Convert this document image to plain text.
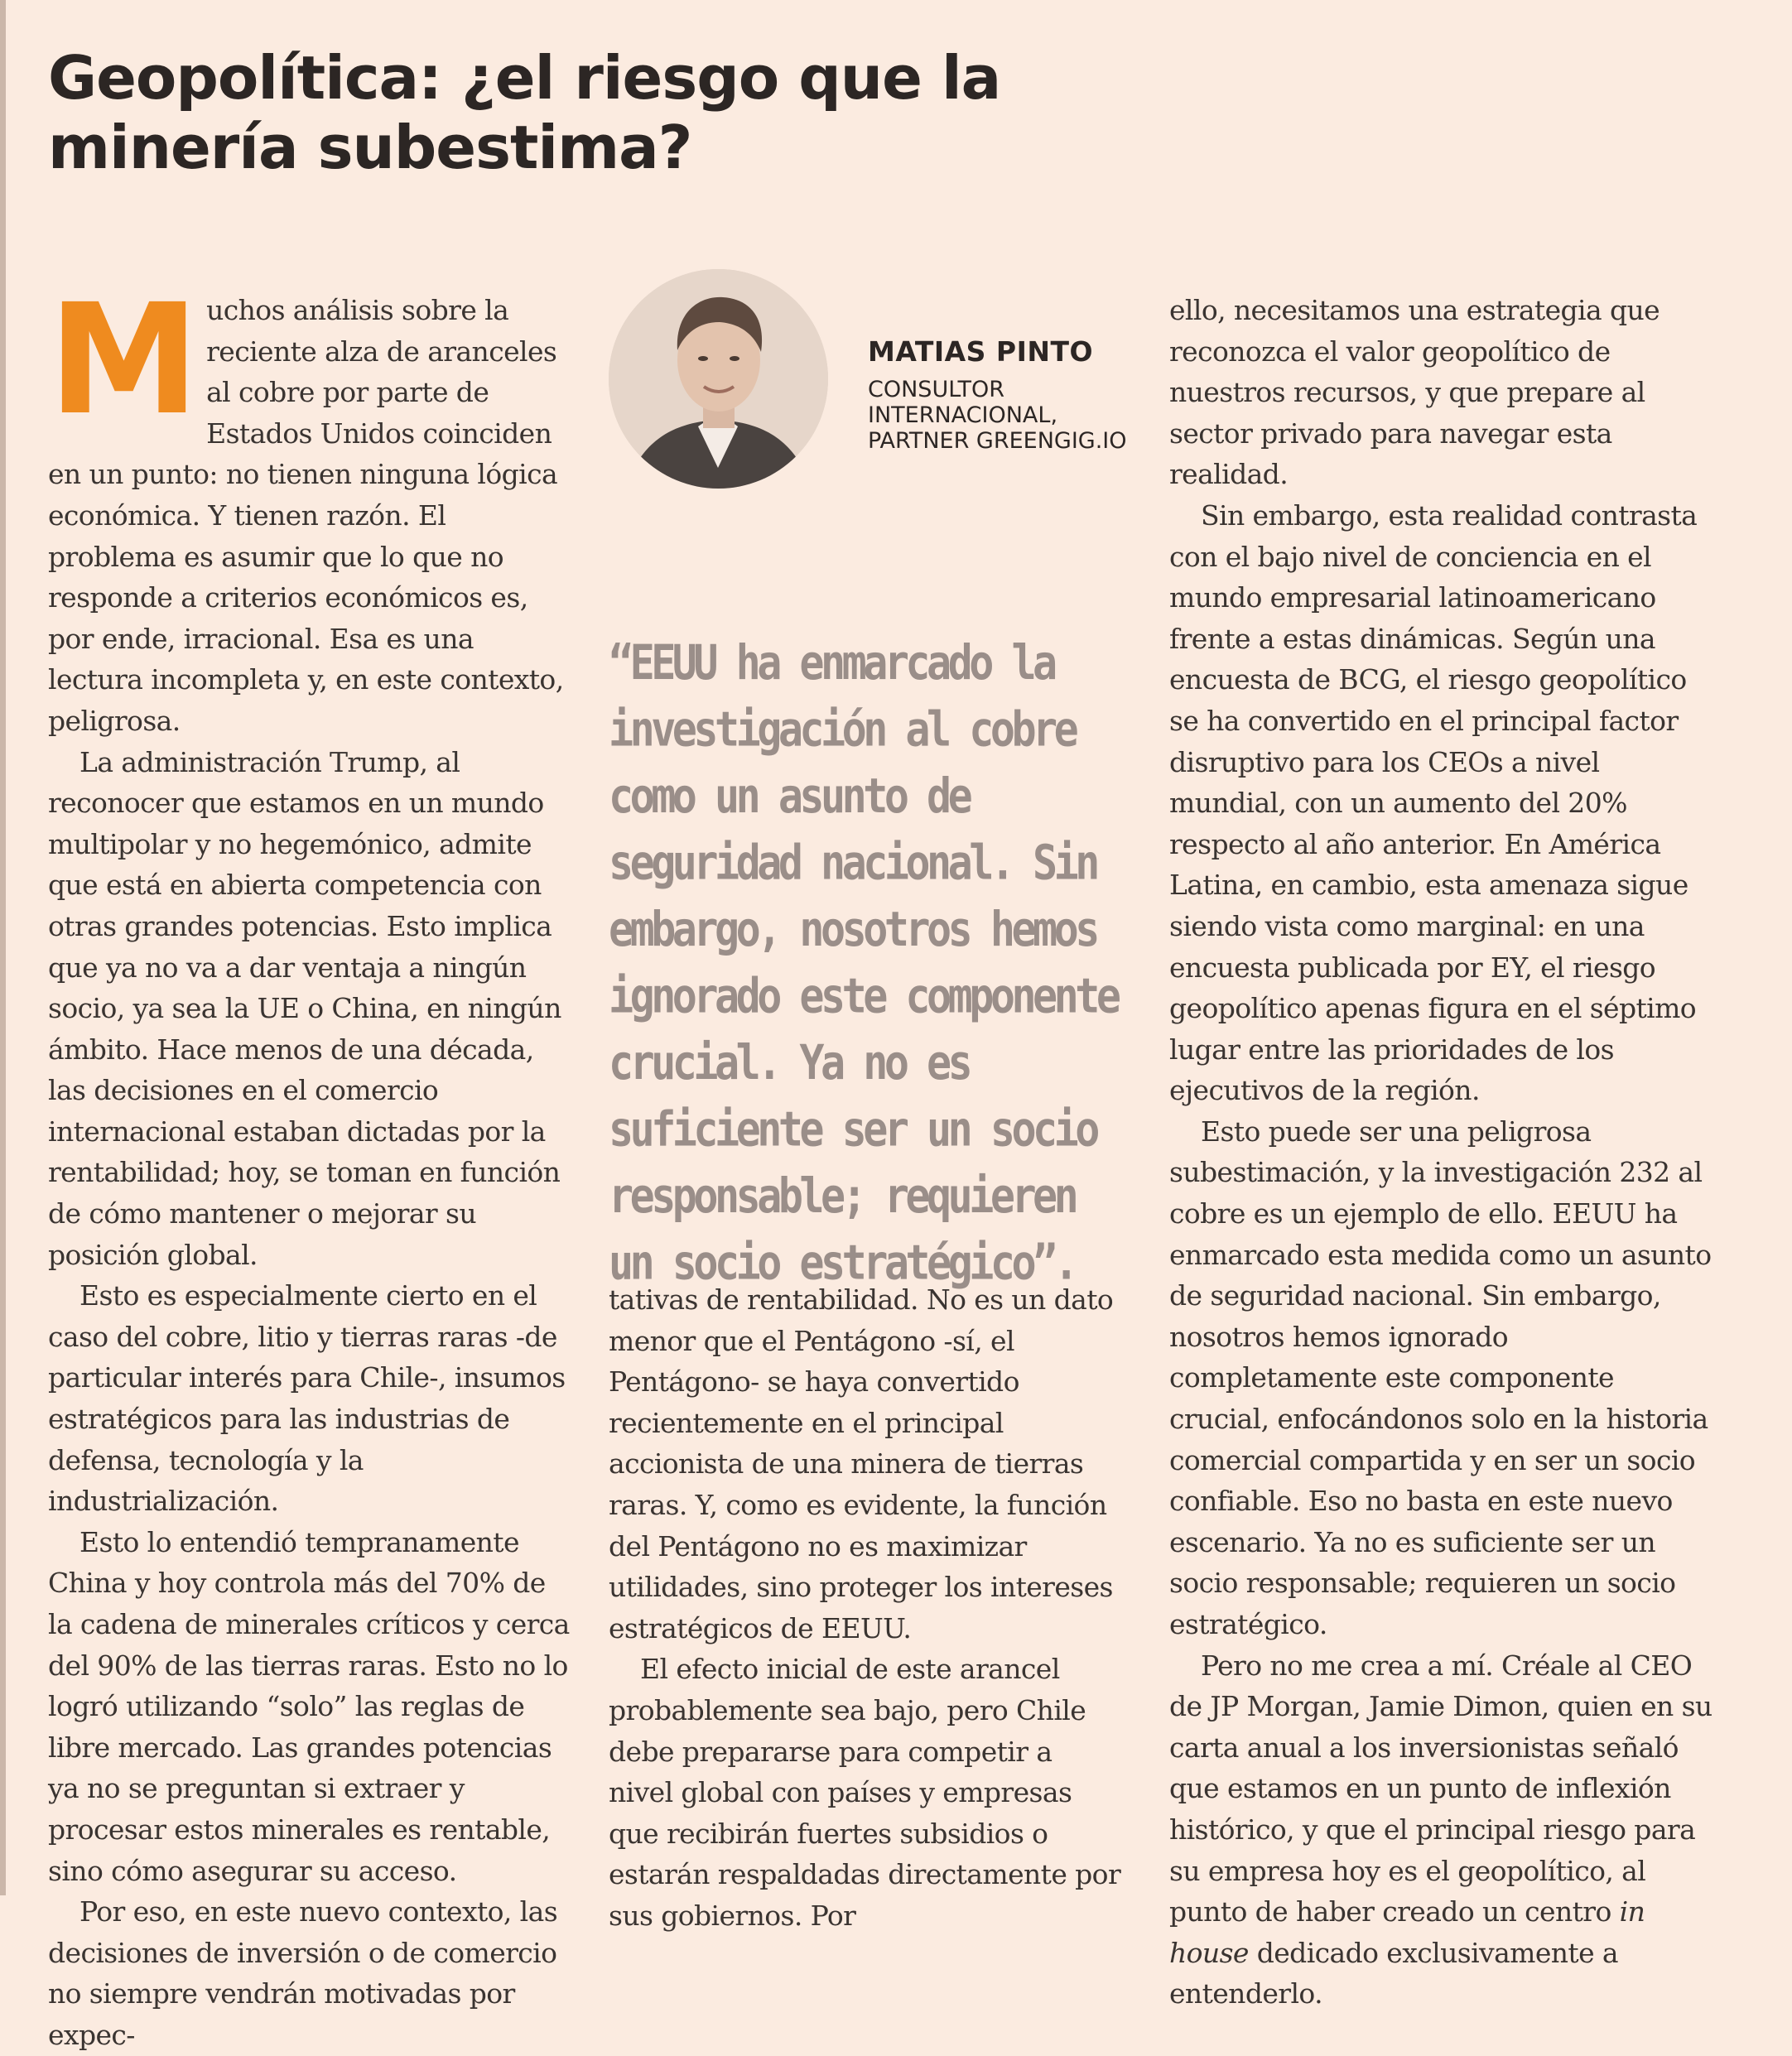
Geopolítica: ¿el riesgo que la
minería subestima?

Muchos análisis sobre la reciente alza de aranceles al cobre por parte de Estados Unidos coinciden en un punto: no tienen ninguna lógica económica. Y tienen razón. El problema es asumir que lo que no responde a criterios económicos es, por ende, irracional. Esa es una lectura incompleta y, en este contexto, peligrosa.

La administración Trump, al reconocer que estamos en un mundo multipolar y no hegemónico, admite que está en abierta competencia con otras grandes potencias. Esto implica que ya no va a dar ventaja a ningún socio, ya sea la UE o China, en ningún ámbito. Hace menos de una década, las decisiones en el comercio internacional estaban dictadas por la rentabilidad; hoy, se toman en función de cómo mantener o mejorar su posición global.

Esto es especialmente cierto en el caso del cobre, litio y tierras raras -de particular interés para Chile-, insumos estratégicos para las industrias de defensa, tecnología y la industrialización.

Esto lo entendió tempranamente China y hoy controla más del 70% de la cadena de minerales críticos y cerca del 90% de las tierras raras. Esto no lo logró utilizando “solo” las reglas de libre mercado. Las grandes potencias ya no se preguntan si extraer y procesar estos minerales es rentable, sino cómo asegurar su acceso.

Por eso, en este nuevo contexto, las decisiones de inversión o de comercio no siempre vendrán motivadas por expec-

MATIAS PINTO
CONSULTOR
INTERNACIONAL,
PARTNER GREENGIG.IO
“EEUU ha enmarcado la investigación al cobre como un asunto de seguridad nacional. Sin embargo, nosotros hemos ignorado este componente crucial. Ya no es suficiente ser un socio responsable; requieren un socio estratégico”.

tativas de rentabilidad. No es un dato menor que el Pentágono -sí, el Pentágono- se haya convertido recientemente en el principal accionista de una minera de tierras raras. Y, como es evidente, la función del Pentágono no es maximizar utilidades, sino proteger los intereses estratégicos de EEUU.

El efecto inicial de este arancel probablemente sea bajo, pero Chile debe prepararse para competir a nivel global con países y empresas que recibirán fuertes subsidios o estarán respaldadas directamente por sus gobiernos. Por

ello, necesitamos una estrategia que reconozca el valor geopolítico de nuestros recursos, y que prepare al sector privado para navegar esta realidad.

Sin embargo, esta realidad contrasta con el bajo nivel de conciencia en el mundo empresarial latinoamericano frente a estas dinámicas. Según una encuesta de BCG, el riesgo geopolítico se ha convertido en el principal factor disruptivo para los CEOs a nivel mundial, con un aumento del 20% respecto al año anterior. En América Latina, en cambio, esta amenaza sigue siendo vista como marginal: en una encuesta publicada por EY, el riesgo geopolítico apenas figura en el séptimo lugar entre las prioridades de los ejecutivos de la región.

Esto puede ser una peligrosa subestimación, y la investigación 232 al cobre es un ejemplo de ello. EEUU ha enmarcado esta medida como un asunto de seguridad nacional. Sin embargo, nosotros hemos ignorado completamente este componente crucial, enfocándonos solo en la historia comercial compartida y en ser un socio confiable. Eso no basta en este nuevo escenario. Ya no es suficiente ser un socio responsable; requieren un socio estratégico.

Pero no me crea a mí. Créale al CEO de JP Morgan, Jamie Dimon, quien en su carta anual a los inversionistas señaló que estamos en un punto de inflexión histórico, y que el principal riesgo para su empresa hoy es el geopolítico, al punto de haber creado un centro in house dedicado exclusivamente a entenderlo.
